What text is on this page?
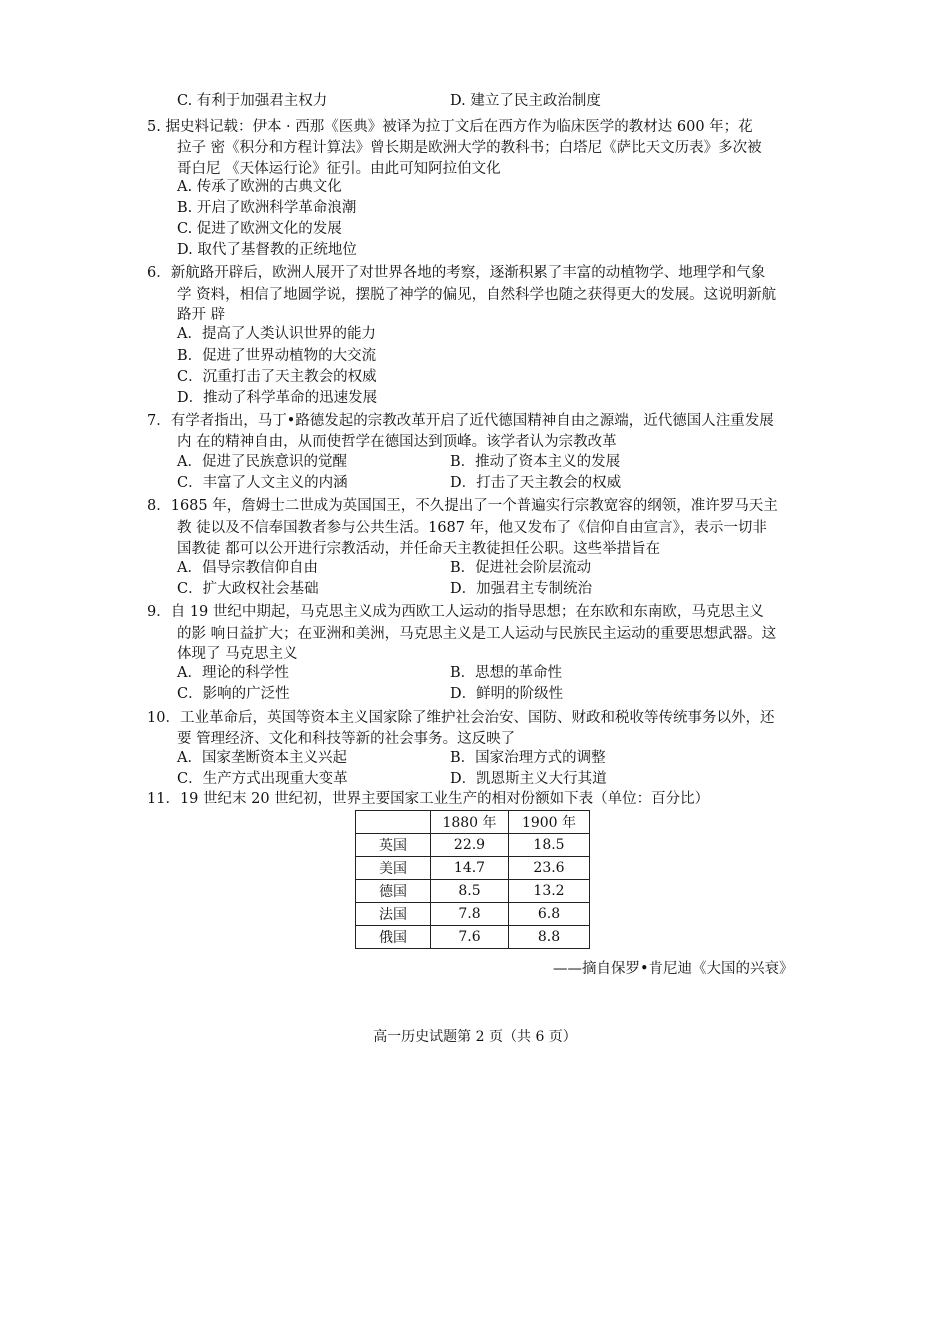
C. 有利于加强君主权力	D. 建立了民主政治制度
5. 据史料记载：伊本 · 西那《医典》被译为拉丁文后在西方作为临床医学的教材达 600 年；花
拉子 密《积分和方程计算法》曾长期是欧洲大学的教科书；白塔尼《萨比天文历表》多次被
哥白尼 《天体运行论》征引。由此可知阿拉伯文化
A. 传承了欧洲的古典文化
B. 开启了欧洲科学革命浪潮
C. 促进了欧洲文化的发展
D. 取代了基督教的正统地位
6．新航路开辟后，欧洲人展开了对世界各地的考察，逐渐积累了丰富的动植物学、地理学和气象
学 资料，相信了地圆学说，摆脱了神学的偏见，自然科学也随之获得更大的发展。这说明新航
路开 辟
A．提高了人类认识世界的能力
B．促进了世界动植物的大交流
C．沉重打击了天主教会的权威
D．推动了科学革命的迅速发展
7．有学者指出，马丁•路德发起的宗教改革开启了近代德国精神自由之源端，近代德国人注重发展
内 在的精神自由，从而使哲学在德国达到顶峰。该学者认为宗教改革
A．促进了民族意识的觉醒	B．推动了资本主义的发展
C．丰富了人文主义的内涵	D．打击了天主教会的权威
8．1685 年，詹姆士二世成为英国国王，不久提出了一个普遍实行宗教宽容的纲领，准许罗马天主
教 徒以及不信奉国教者参与公共生活。1687 年，他又发布了《信仰自由宣言》，表示一切非
国教徒 都可以公开进行宗教活动，并任命天主教徒担任公职。这些举措旨在
A．倡导宗教信仰自由	B．促进社会阶层流动
C．扩大政权社会基础	D．加强君主专制统治
9．自 19 世纪中期起，马克思主义成为西欧工人运动的指导思想；在东欧和东南欧，马克思主义
的影 响日益扩大；在亚洲和美洲，马克思主义是工人运动与民族民主运动的重要思想武器。这
体现了 马克思主义
A．理论的科学性	B．思想的革命性
C．影响的广泛性	D．鲜明的阶级性
10．工业革命后，英国等资本主义国家除了维护社会治安、国防、财政和税收等传统事务以外，还
要 管理经济、文化和科技等新的社会事务。这反映了
A．国家垄断资本主义兴起	B．国家治理方式的调整
C．生产方式出现重大变革	D．凯恩斯主义大行其道
11．19 世纪末 20 世纪初，世界主要国家工业生产的相对份额如下表（单位：百分比）
	1880 年	1900 年
英国	22.9	18.5
美国	14.7	23.6
德国	8.5	13.2
法国	7.8	6.8
俄国	7.6	8.8
——摘自保罗•肯尼迪《大国的兴衰》
高一历史试题第 2 页（共 6 页）
